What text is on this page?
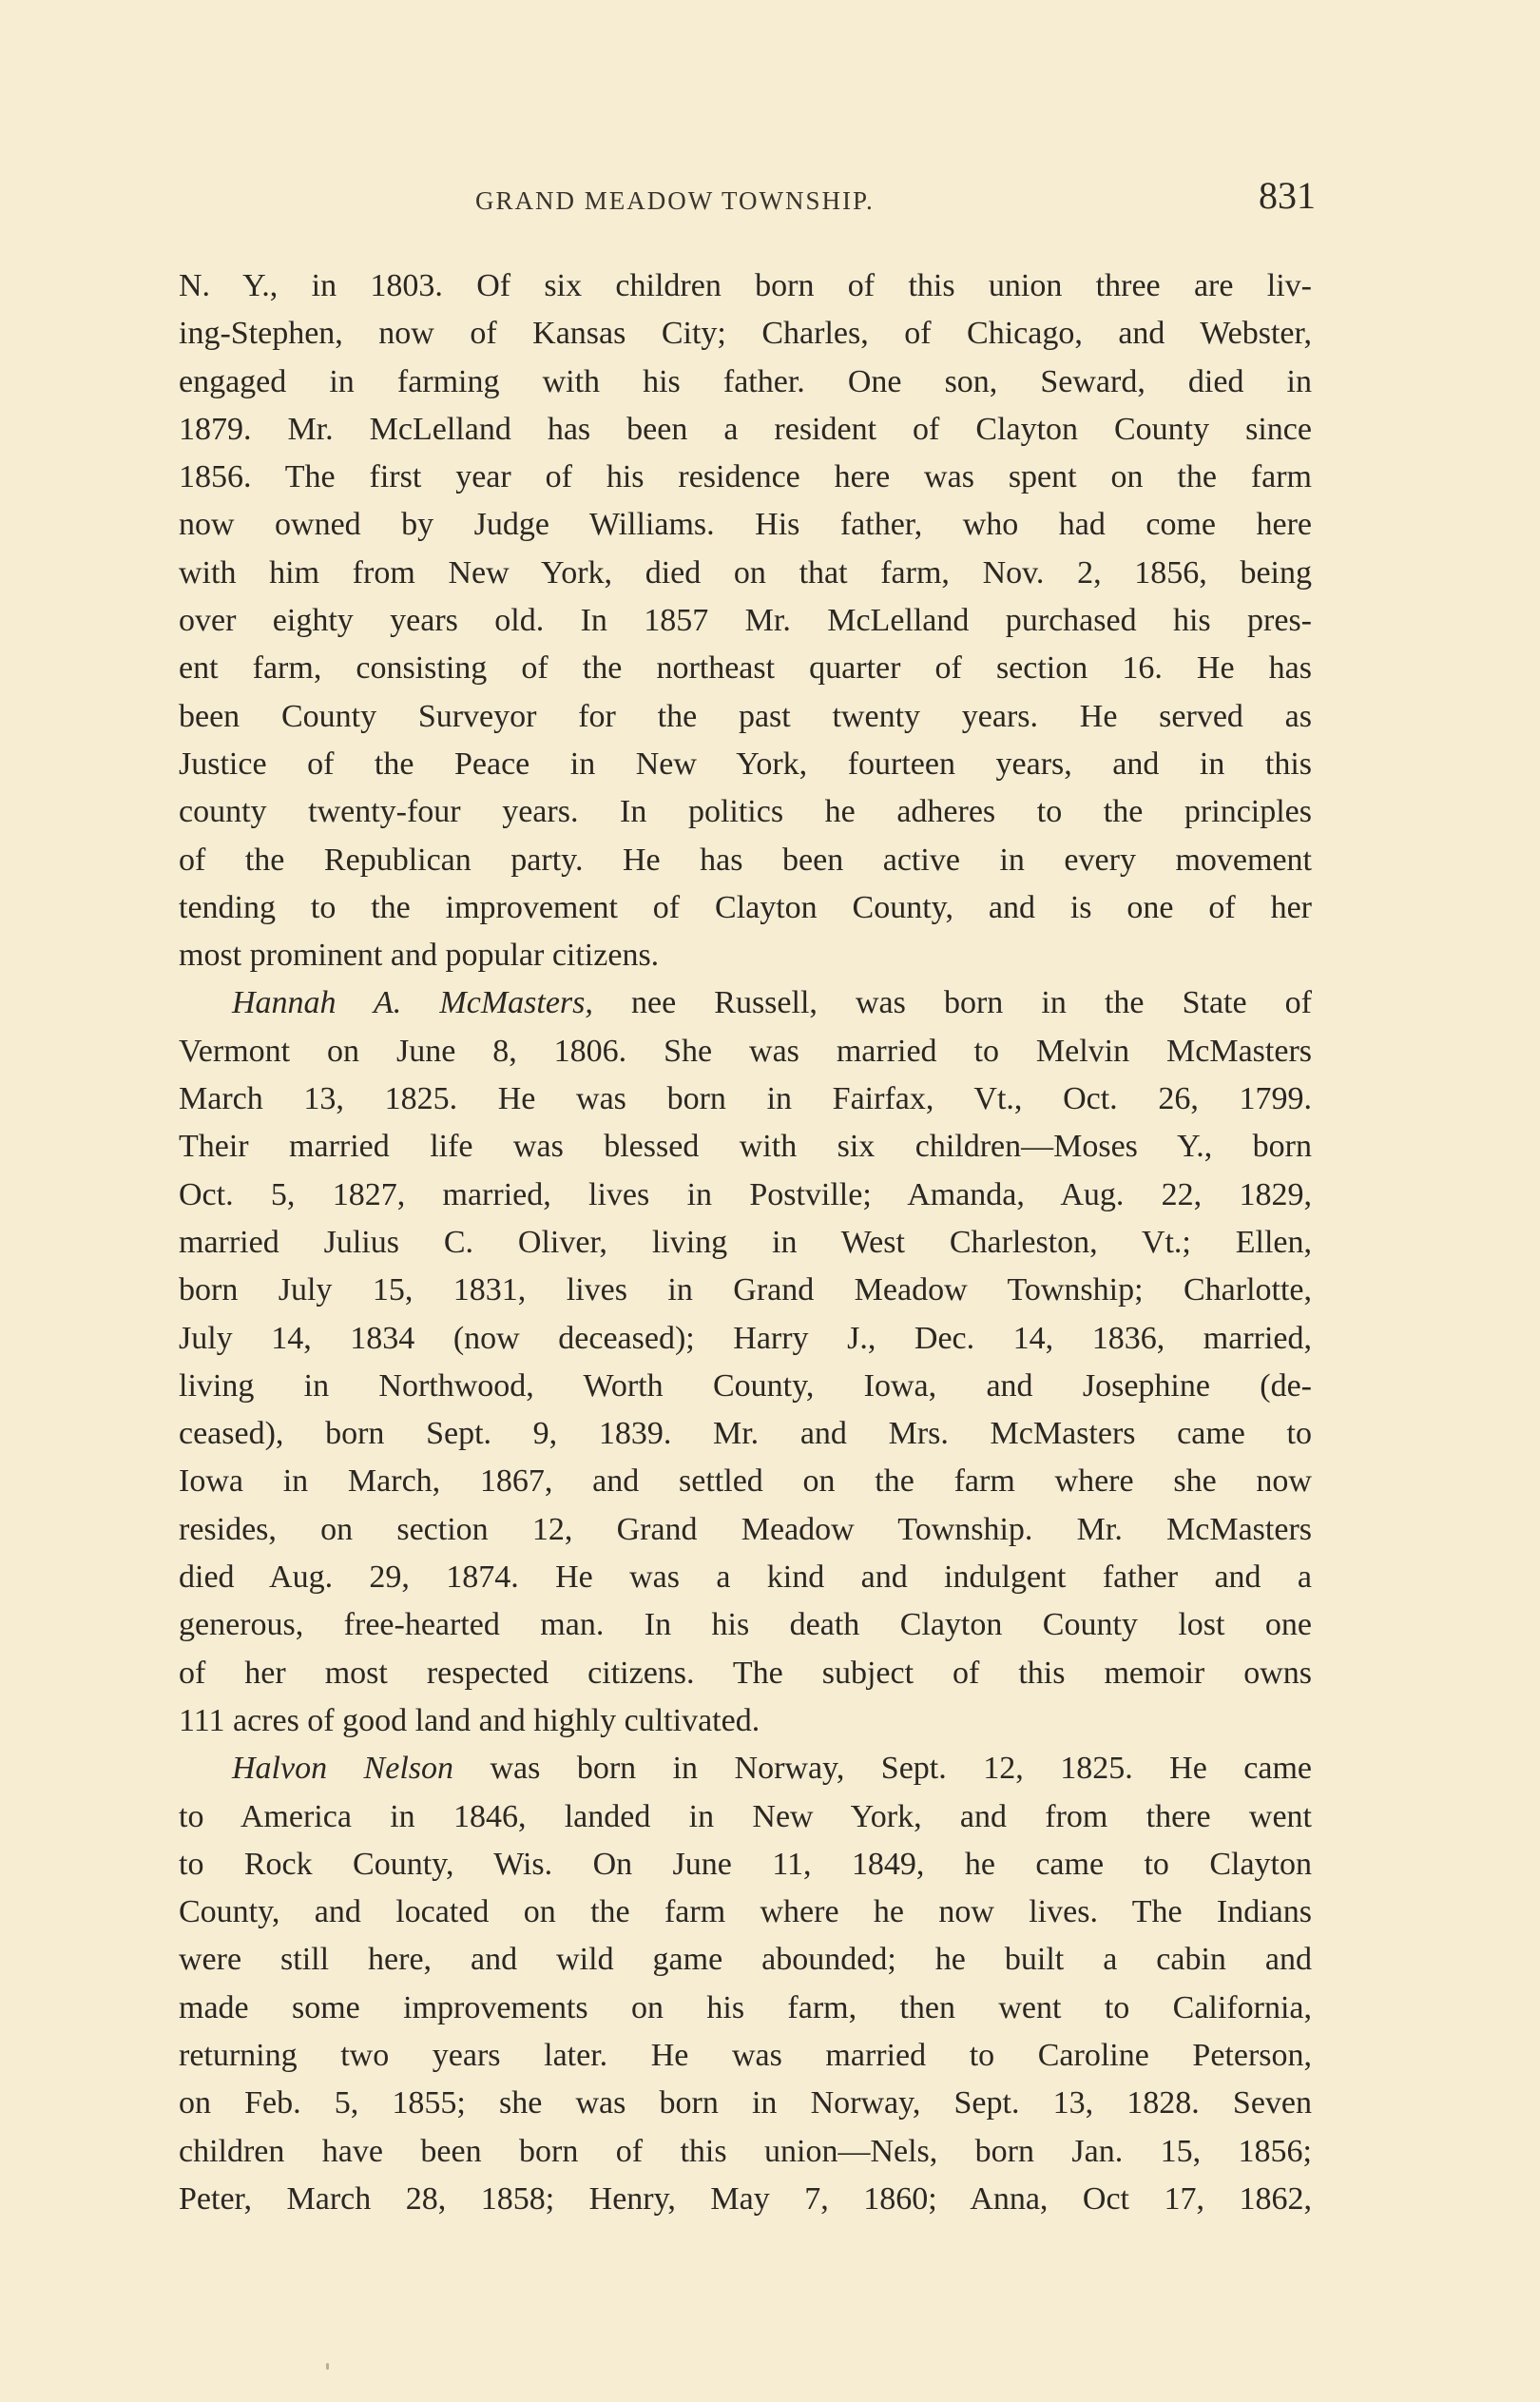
GRAND MEADOW TOWNSHIP.	831
N. Y., in 1803. Of six children born of this union three are liv-
ing-Stephen, now of Kansas City; Charles, of Chicago, and Webster,
engaged in farming with his father. One son, Seward, died in
1879. Mr. McLelland has been a resident of Clayton County since
1856. The first year of his residence here was spent on the farm
now owned by Judge Williams. His father, who had come here
with him from New York, died on that farm, Nov. 2, 1856, being
over eighty years old. In 1857 Mr. McLelland purchased his pres-
ent farm, consisting of the northeast quarter of section 16. He has
been County Surveyor for the past twenty years. He served as
Justice of the Peace in New York, fourteen years, and in this
county twenty-four years. In politics he adheres to the principles
of the Republican party. He has been active in every movement
tending to the improvement of Clayton County, and is one of her
most prominent and popular citizens.
Hannah A. McMasters, nee Russell, was born in the State of
Vermont on June 8, 1806. She was married to Melvin McMasters
March 13, 1825. He was born in Fairfax, Vt., Oct. 26, 1799.
Their married life was blessed with six children—Moses Y., born
Oct. 5, 1827, married, lives in Postville; Amanda, Aug. 22, 1829,
married Julius C. Oliver, living in West Charleston, Vt.; Ellen,
born July 15, 1831, lives in Grand Meadow Township; Charlotte,
July 14, 1834 (now deceased); Harry J., Dec. 14, 1836, married,
living in Northwood, Worth County, Iowa, and Josephine (de-
ceased), born Sept. 9, 1839. Mr. and Mrs. McMasters came to
Iowa in March, 1867, and settled on the farm where she now
resides, on section 12, Grand Meadow Township. Mr. McMasters
died Aug. 29, 1874. He was a kind and indulgent father and a
generous, free-hearted man. In his death Clayton County lost one
of her most respected citizens. The subject of this memoir owns
111 acres of good land and highly cultivated.
Halvon Nelson was born in Norway, Sept. 12, 1825. He came
to America in 1846, landed in New York, and from there went
to Rock County, Wis. On June 11, 1849, he came to Clayton
County, and located on the farm where he now lives. The Indians
were still here, and wild game abounded; he built a cabin and
made some improvements on his farm, then went to California,
returning two years later. He was married to Caroline Peterson,
on Feb. 5, 1855; she was born in Norway, Sept. 13, 1828. Seven
children have been born of this union—Nels, born Jan. 15, 1856;
Peter, March 28, 1858; Henry, May 7, 1860; Anna, Oct 17, 1862,
